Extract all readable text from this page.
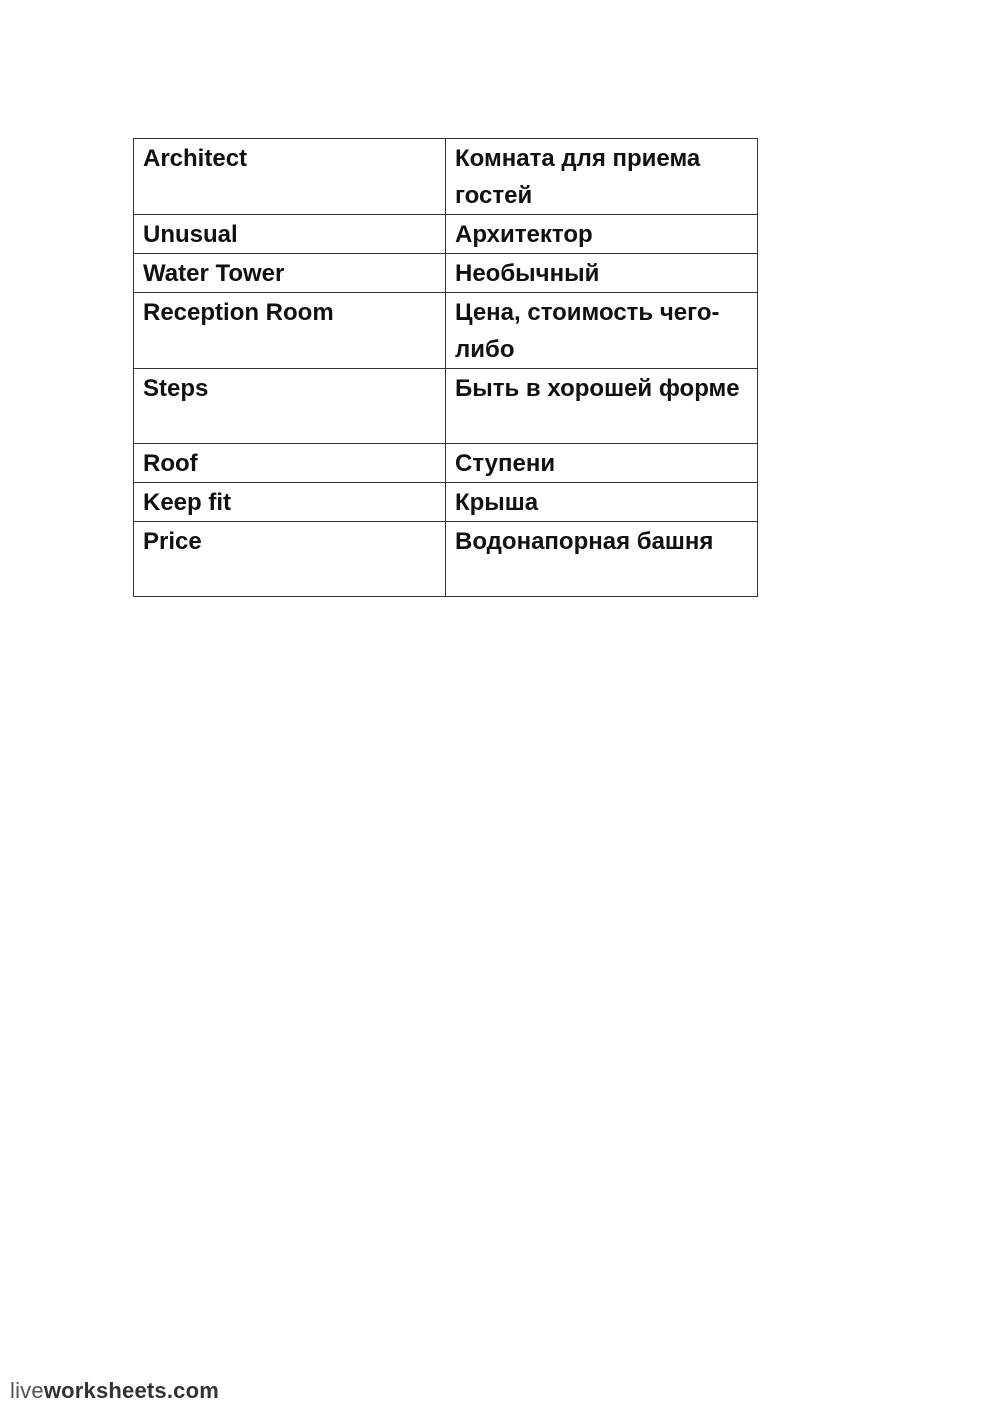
Architect	Комната для приема гостей
Unusual	Архитектор
Water Tower	Необычный
Reception Room	Цена, стоимость чего-либо
Steps	Быть в хорошей форме
Roof	Ступени
Keep fit	Крыша
Price	Водонапорная башня
liveworksheets.com
